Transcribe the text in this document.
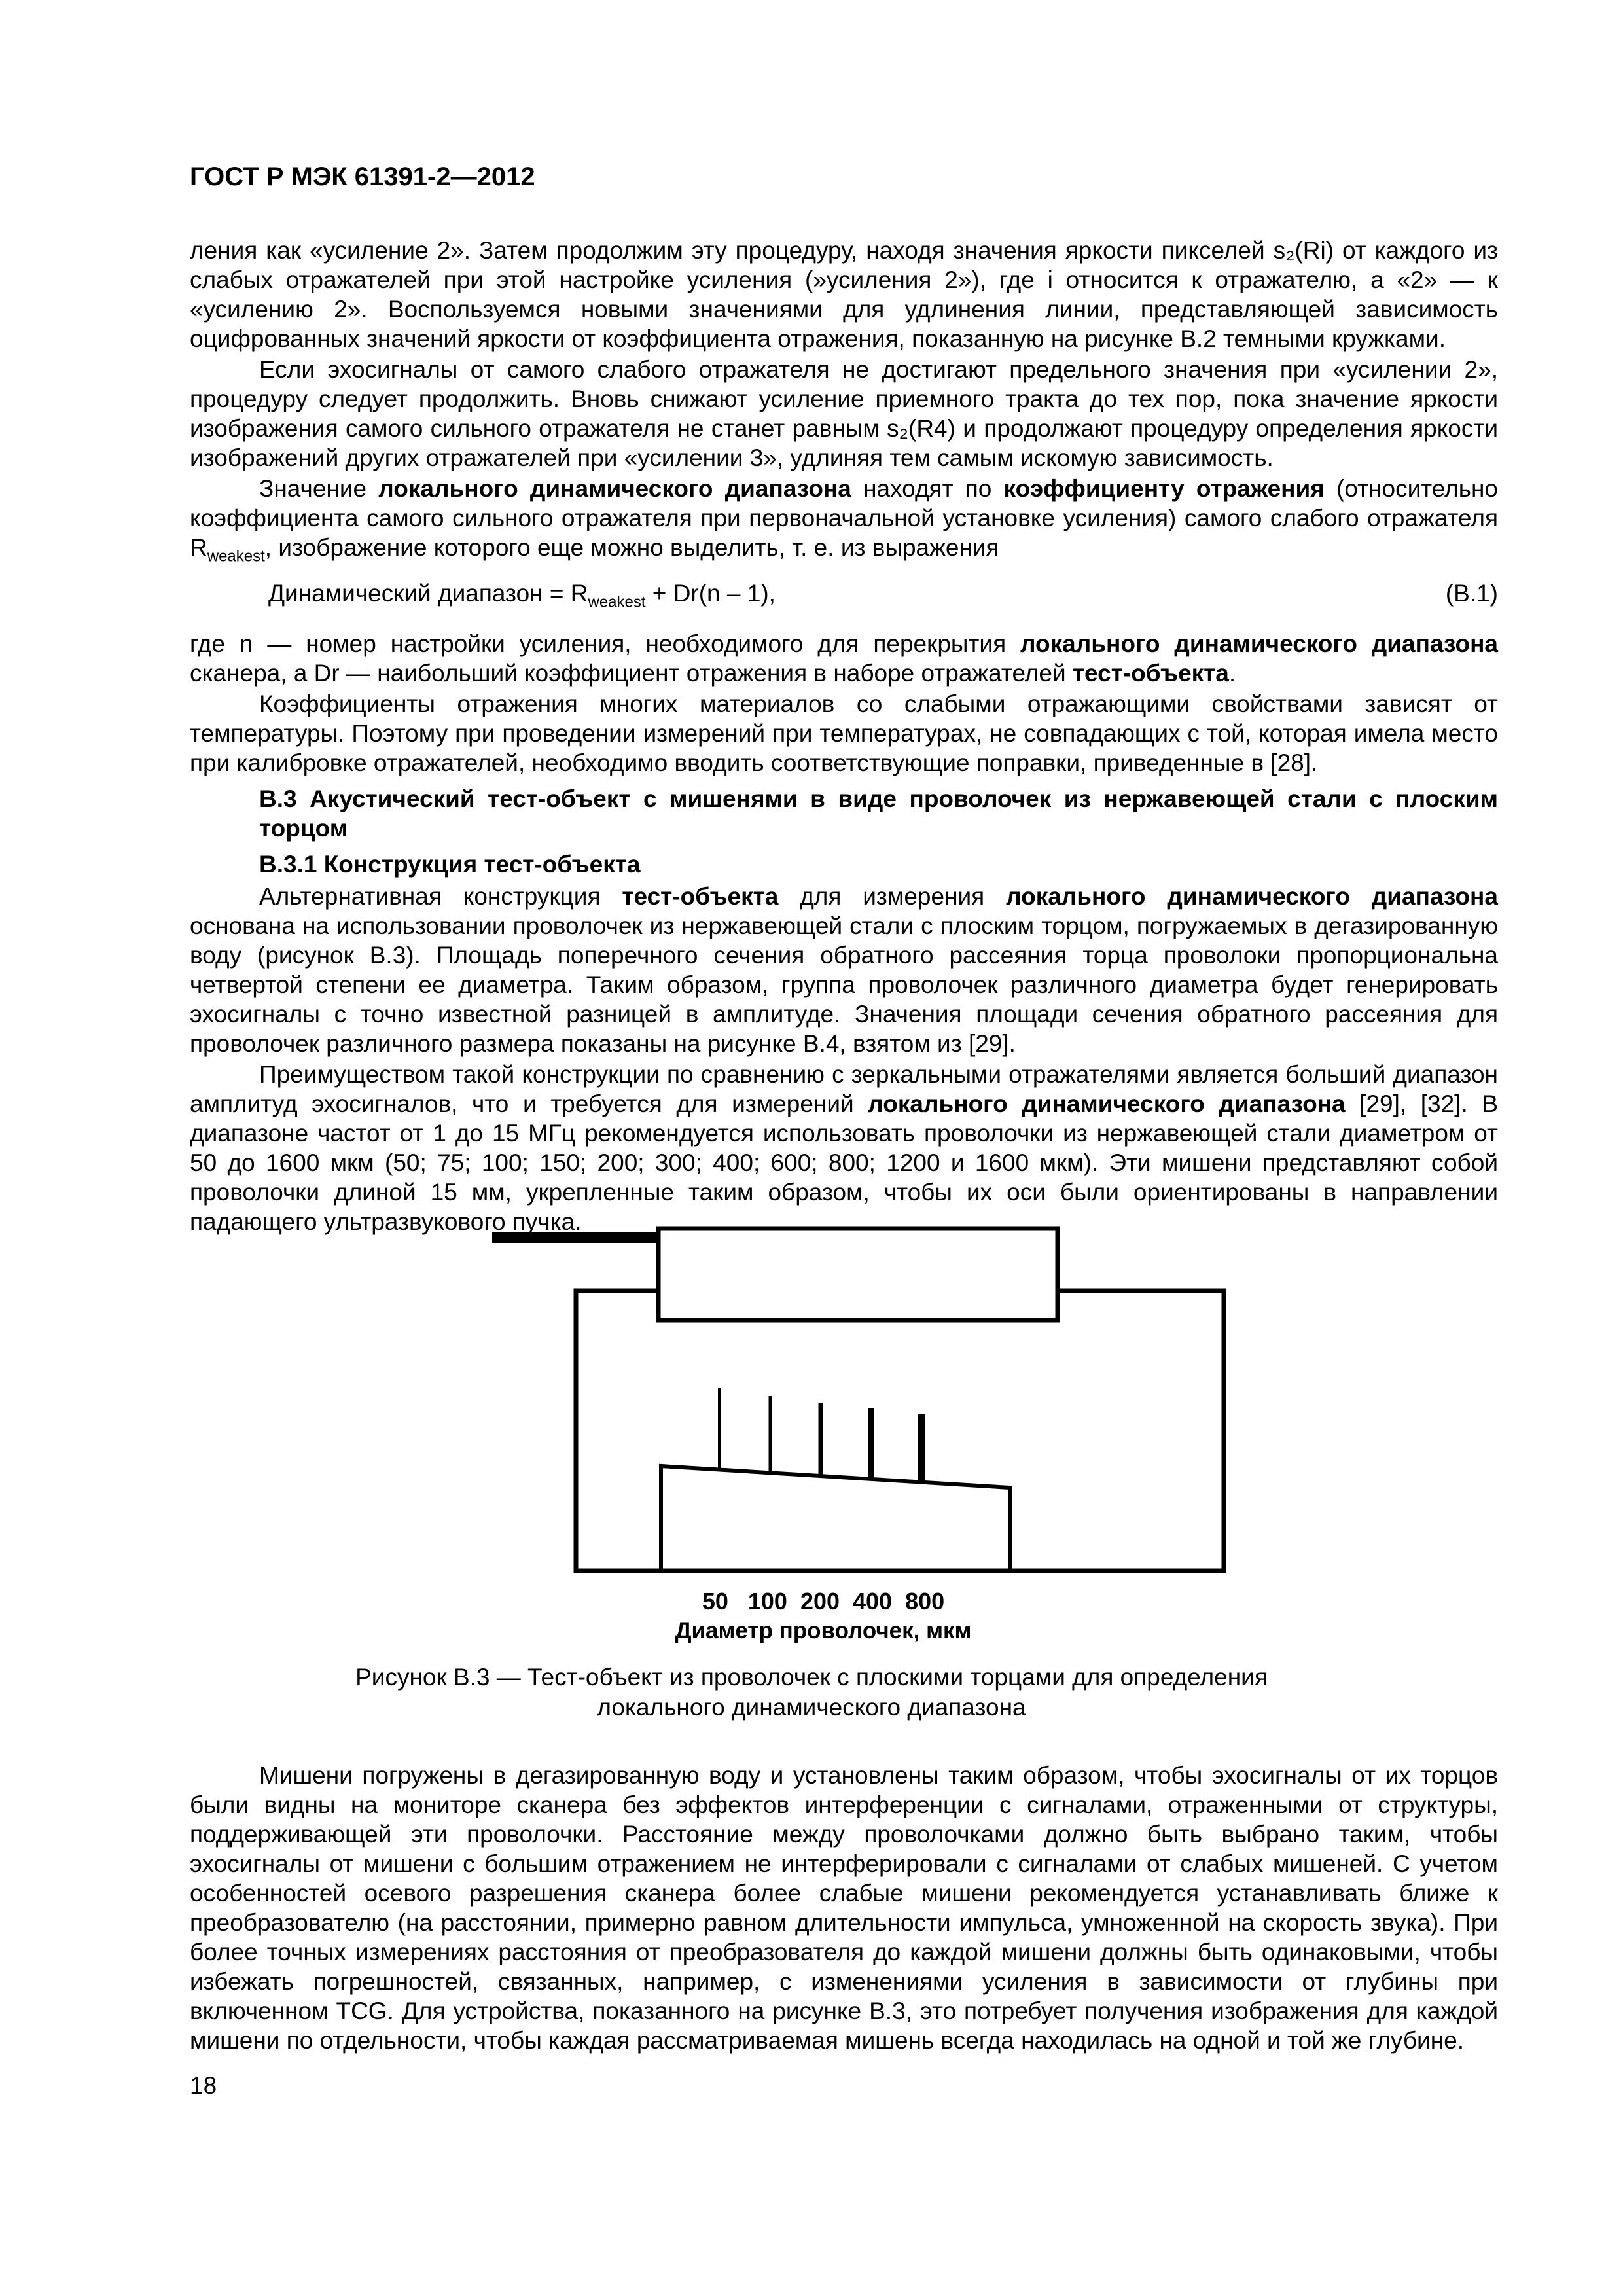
ГОСТ Р МЭК 61391-2—2012

ления как «усиление 2». Затем продолжим эту процедуру, находя значения яркости пикселей s₂(Ri) от каждого из слабых отражателей при этой настройке усиления (»усиления 2»), где i относится к отражателю, а «2» — к «усилению 2». Воспользуемся новыми значениями для удлинения линии, представляющей зависимость оцифрованных значений яркости от коэффициента отражения, показанную на рисунке В.2 темными кружками.

Если эхосигналы от самого слабого отражателя не достигают предельного значения при «усилении 2», процедуру следует продолжить. Вновь снижают усиление приемного тракта до тех пор, пока значение яркости изображения самого сильного отражателя не станет равным s₂(R4) и продолжают процедуру определения яркости изображений других отражателей при «усилении 3», удлиняя тем самым искомую зависимость.

Значение локального динамического диапазона находят по коэффициенту отражения (относительно коэффициента самого сильного отражателя при первоначальной установке усиления) самого слабого отражателя $R_{weakest}$, изображение которого еще можно выделить, т. е. из выражения

Динамический диапазон = $R_{weakest} + Dr(n - 1)$,	(В.1)

где n — номер настройки усиления, необходимого для перекрытия локального динамического диапазона сканера, а Dr — наибольший коэффициент отражения в наборе отражателей тест-объекта.

Коэффициенты отражения многих материалов со слабыми отражающими свойствами зависят от температуры. Поэтому при проведении измерений при температурах, не совпадающих с той, которая имела место при калибровке отражателей, необходимо вводить соответствующие поправки, приведенные в [28].

В.3 Акустический тест-объект с мишенями в виде проволочек из нержавеющей стали с плоским торцом

В.3.1 Конструкция тест-объекта

Альтернативная конструкция тест-объекта для измерения локального динамического диапазона основана на использовании проволочек из нержавеющей стали с плоским торцом, погружаемых в дегазированную воду (рисунок В.3). Площадь поперечного сечения обратного рассеяния торца проволоки пропорциональна четвертой степени ее диаметра. Таким образом, группа проволочек различного диаметра будет генерировать эхосигналы с точно известной разницей в амплитуде. Значения площади сечения обратного рассеяния для проволочек различного размера показаны на рисунке В.4, взятом из [29].

Преимуществом такой конструкции по сравнению с зеркальными отражателями является больший диапазон амплитуд эхосигналов, что и требуется для измерений локального динамического диапазона [29], [32]. В диапазоне частот от 1 до 15 МГц рекомендуется использовать проволочки из нержавеющей стали диаметром от 50 до 1600 мкм (50; 75; 100; 150; 200; 300; 400; 600; 800; 1200 и 1600 мкм). Эти мишени представляют собой проволочки длиной 15 мм, укрепленные таким образом, чтобы их оси были ориентированы в направлении падающего ультразвукового пучка.

50   100  200  400  800
Диаметр проволочек, мкм
Рисунок В.3 — Тест-объект из проволочек с плоскими торцами для определения
локального динамического диапазона

Мишени погружены в дегазированную воду и установлены таким образом, чтобы эхосигналы от их торцов были видны на мониторе сканера без эффектов интерференции с сигналами, отраженными от структуры, поддерживающей эти проволочки. Расстояние между проволочками должно быть выбрано таким, чтобы эхосигналы от мишени с большим отражением не интерферировали с сигналами от слабых мишеней. С учетом особенностей осевого разрешения сканера более слабые мишени рекомендуется устанавливать ближе к преобразователю (на расстоянии, примерно равном длительности импульса, умноженной на скорость звука). При более точных измерениях расстояния от преобразователя до каждой мишени должны быть одинаковыми, чтобы избежать погрешностей, связанных, например, с изменениями усиления в зависимости от глубины при включенном TCG. Для устройства, показанного на рисунке В.3, это потребует получения изображения для каждой мишени по отдельности, чтобы каждая рассматриваемая мишень всегда находилась на одной и той же глубине.

18
